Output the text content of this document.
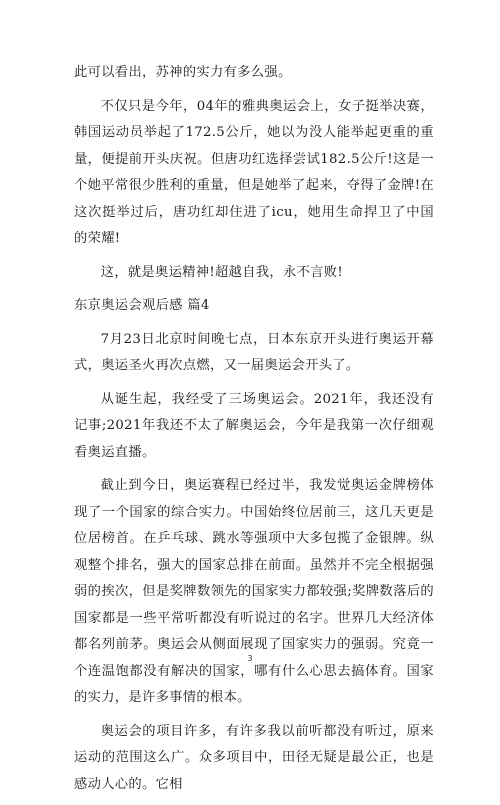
此可以看出，苏神的实力有多么强。

不仅只是今年，04年的雅典奥运会上，女子挺举决赛，韩国运动员举起了172.5公斤，她以为没人能举起更重的重量，便提前开头庆祝。但唐功红选择尝试182.5公斤!这是一个她平常很少胜利的重量，但是她举了起来，夺得了金牌!在这次挺举过后，唐功红却住进了icu，她用生命捍卫了中国的荣耀!

这，就是奥运精神!超越自我，永不言败!

东京奥运会观后感 篇4

7月23日北京时间晚七点，日本东京开头进行奥运开幕式，奥运圣火再次点燃，又一届奥运会开头了。

从诞生起，我经受了三场奥运会。2021年，我还没有记事;2021年我还不太了解奥运会，今年是我第一次仔细观看奥运直播。

截止到今日，奥运赛程已经过半，我发觉奥运金牌榜体现了一个国家的综合实力。中国始终位居前三，这几天更是位居榜首。在乒乓球、跳水等强项中大多包揽了金银牌。纵观整个排名，强大的国家总排在前面。虽然并不完全根据强弱的挨次，但是奖牌数领先的国家实力都较强;奖牌数落后的国家都是一些平常听都没有听说过的名字。世界几大经济体都名列前茅。奥运会从侧面展现了国家实力的强弱。究竟一个连温饱都没有解决的国家，哪有什么心思去搞体育。国家的实力，是许多事情的根本。

奥运会的项目许多，有许多我以前听都没有听过，原来运动的范围这么广。众多项目中，田径无疑是最公正，也是感动人心的。它相

3
